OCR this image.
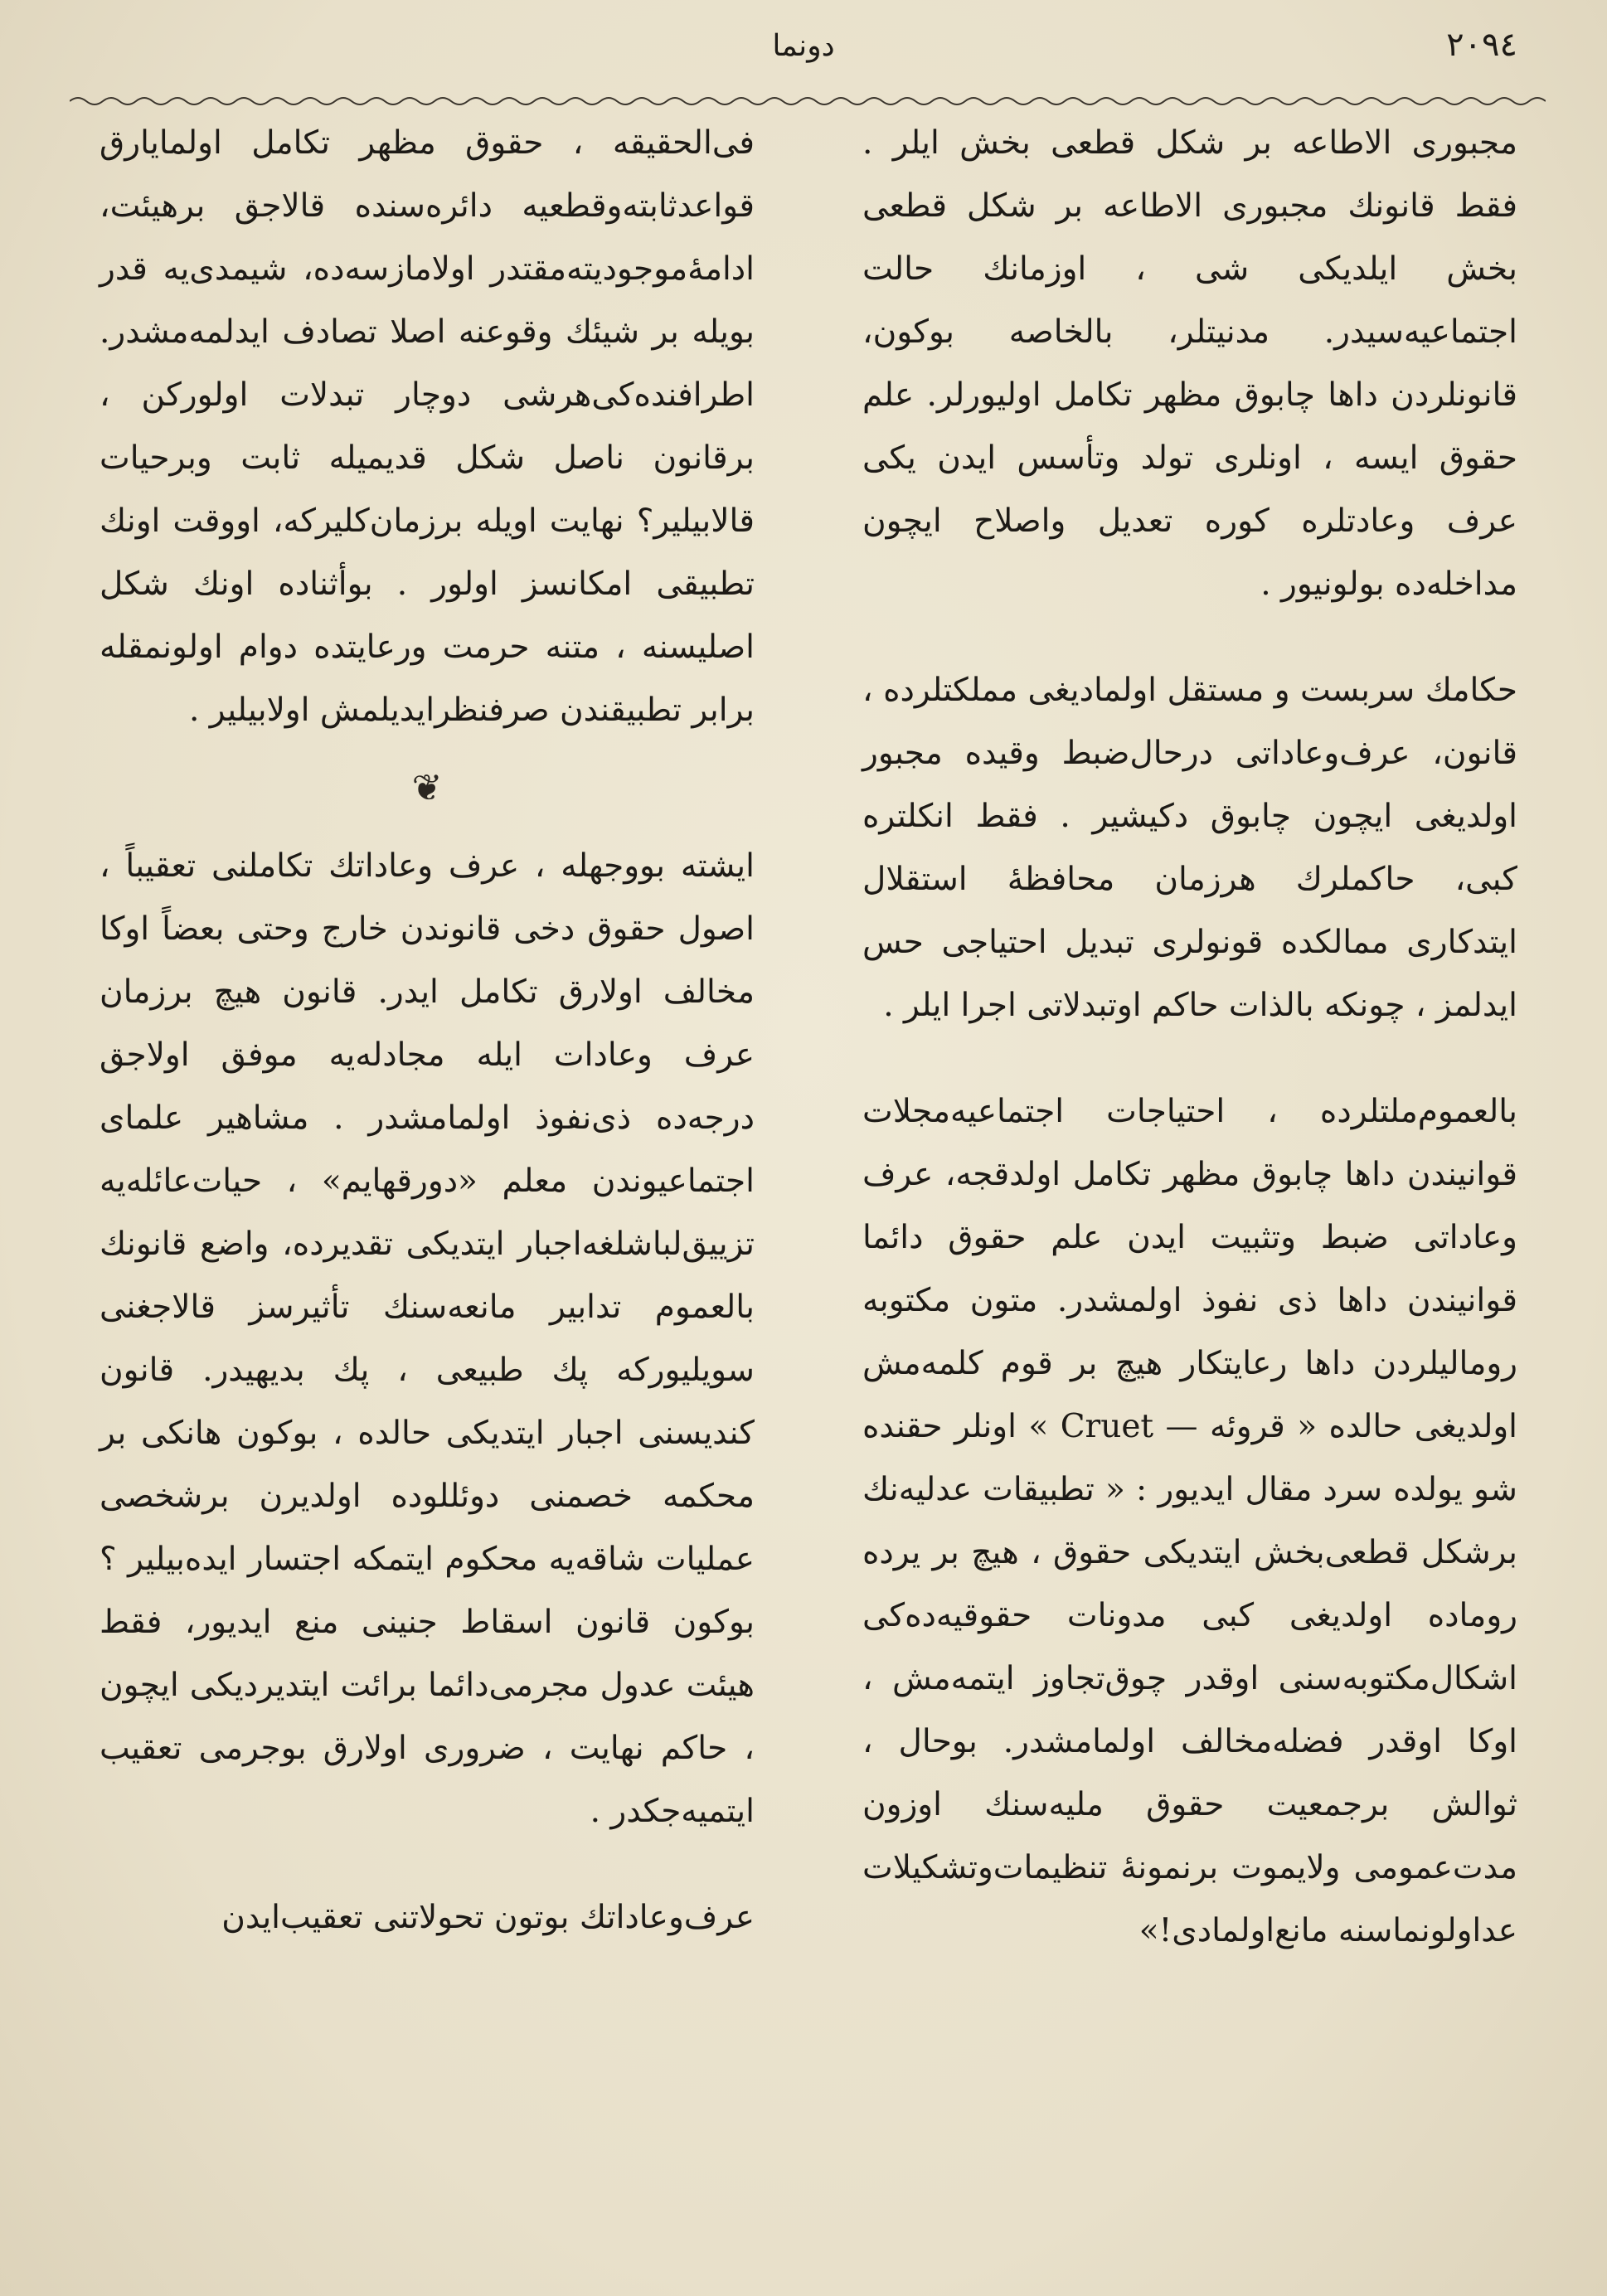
۲۰۹٤
دونما

مجبوری الاطاعه بر شکل قطعی بخش ایلر . فقط قانونك مجبوری الاطاعه بر شکل قطعی بخش ایلدیکی شی ، اوزمانك حالت اجتماعیه‌سیدر. مدنیتلر، بالخاصه بوکون، قانونلردن داها چابوق مظهر تکامل اولیورلر. علم حقوق ایسه ، اونلری تولد وتأسس ایدن یکی عرف وعادتلره کوره تعدیل واصلاح ایچون مداخله‌ده بولونیور .

حکامك سربست و مستقل اولمادیغی مملکتلرده ، قانون، عرف‌وعاداتی درحال‌ضبط وقیده مجبور اولدیغی ایچون چابوق دکیشیر . فقط انکلتره کبی، حاکملرك هرزمان محافظهٔ استقلال ایتدکاری ممالکده قونولری تبدیل احتیاجی حس ایدلمز ، چونکه بالذات حاکم اوتبدلاتی اجرا ایلر .

بالعموم‌ملتلرده ، احتیاجات اجتماعیه‌مجلات قوانیندن داها چابوق مظهر تکامل اولدقجه، عرف وعاداتی ضبط وتثبیت ایدن علم حقوق دائما قوانیندن داها ذی نفوذ اولمشدر. متون مکتوبه رومالیلردن داها رعایتکار هیچ بر قوم کلمه‌مش اولدیغی حالده « قروئه — Cruet » اونلر حقنده شو یولده سرد مقال ایدیور : « تطبیقات عدلیه‌نك برشکل قطعی‌بخش ایتدیکی حقوق ، هیچ بر یرده روماده اولدیغی کبی مدونات حقوقیه‌ده‌کی اشکال‌مکتوبه‌سنی اوقدر چوق‌تجاوز ایتمه‌مش ، اوکا اوقدر فضله‌مخالف اولمامشدر. بوحال ، ثوالش برجمعیت حقوق ملیه‌سنك اوزون مدت‌عمومی ولایموت برنمونهٔ تنظیمات‌وتشکیلات عداولونماسنه مانع‌اولمادی!»

فی‌الحقیقه ، حقوق مظهر تکامل اولمایارق قواعدثابته‌وقطعیه دائره‌سنده قالاجق برهیئت، ادامهٔ‌موجودیته‌مقتدر اولامازسه‌ده، شیمدی‌یه قدر بویله بر شیئك وقوعنه اصلا تصادف ایدلمه‌مشدر. اطرافنده‌کی‌هرشی دوچار تبدلات اولورکن ، برقانون ناصل شکل قدیمیله ثابت وبرحیات قالابیلیر؟ نهایت اویله برزمان‌کلیرکه، اووقت اونك تطبیقی امکانسز اولور . بوأثناده اونك شکل اصلیسنه ، متنه حرمت ورعایتده دوام اولونمقله برابر تطبیقندن صرفنظرایدیلمش اولابیلیر .

❦

ایشته بووجهله ، عرف وعاداتك تکاملنی تعقیباً ، اصول حقوق دخی قانوندن خارج وحتی بعضاً اوکا مخالف اولارق تکامل ایدر. قانون هیچ برزمان عرف وعادات ایله مجادله‌یه موفق اولاجق درجه‌ده ذی‌نفوذ اولمامشدر . مشاهیر علمای اجتماعیوندن معلم «دورقهایم» ، حیات‌عائله‌یه‌ تزییق‌لباشلغه‌اجبار ایتدیکی تقدیرده، واضع قانونك بالعموم تدابیر مانعه‌سنك تأثیرسز قالاجغنی سویلیورکه پك طبیعی ، پك بدیهیدر. قانون کندیسنی اجبار ایتدیکی حالده ، بوکون هانکی بر محکمه خصمنی دوئللوده اولدیرن برشخصی عملیات شاقه‌یه محکوم ایتمکه اجتسار ایده‌بیلیر ؟ بوکون قانون اسقاط جنینی منع ایدیور، فقط هیئت عدول مجرمی‌دائما برائت ایتدیردیکی ایچون ، حاکم نهایت ، ضروری اولارق بوجرمی تعقیب ایتمیه‌جکدر .

عرف‌وعاداتك بوتون تحولاتنی تعقیب‌ایدن
